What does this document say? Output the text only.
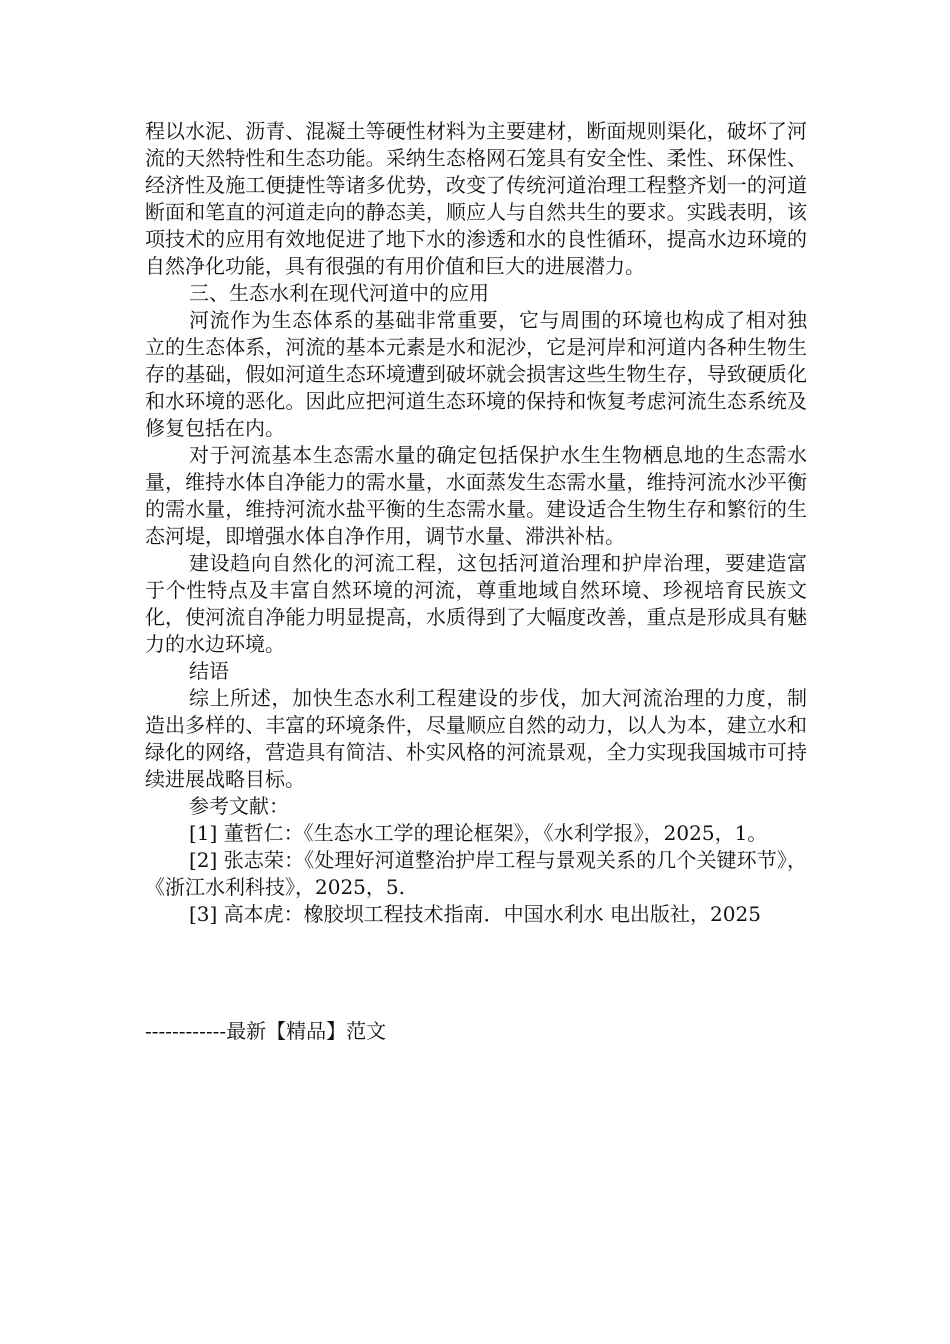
程以水泥、沥青、混凝土等硬性材料为主要建材，断面规则渠化，破坏了河流的天然特性和生态功能。采纳生态格网石笼具有安全性、柔性、环保性、经济性及施工便捷性等诸多优势，改变了传统河道治理工程整齐划一的河道断面和笔直的河道走向的静态美，顺应人与自然共生的要求。实践表明，该项技术的应用有效地促进了地下水的渗透和水的良性循环，提高水边环境的自然净化功能，具有很强的有用价值和巨大的进展潜力。

三、生态水利在现代河道中的应用

河流作为生态体系的基础非常重要，它与周围的环境也构成了相对独立的生态体系，河流的基本元素是水和泥沙，它是河岸和河道内各种生物生存的基础，假如河道生态环境遭到破坏就会损害这些生物生存，导致硬质化和水环境的恶化。因此应把河道生态环境的保持和恢复考虑河流生态系统及修复包括在内。

对于河流基本生态需水量的确定包括保护水生生物栖息地的生态需水量，维持水体自净能力的需水量，水面蒸发生态需水量，维持河流水沙平衡的需水量，维持河流水盐平衡的生态需水量。建设适合生物生存和繁衍的生态河堤，即增强水体自净作用，调节水量、滞洪补枯。

建设趋向自然化的河流工程，这包括河道治理和护岸治理，要建造富于个性特点及丰富自然环境的河流，尊重地域自然环境、珍视培育民族文化，使河流自净能力明显提高，水质得到了大幅度改善，重点是形成具有魅力的水边环境。

结语

综上所述，加快生态水利工程建设的步伐，加大河流治理的力度，制造出多样的、丰富的环境条件，尽量顺应自然的动力，以人为本，建立水和绿化的网络，营造具有简洁、朴实风格的河流景观，全力实现我国城市可持续进展战略目标。

参考文献：

[1] 董哲仁：《生态水工学的理论框架》，《水利学报》，2025，1。

[2] 张志荣：《处理好河道整治护岸工程与景观关系的几个关键环节》，《浙江水利科技》，2025，5.

[3] 高本虎：橡胶坝工程技术指南．中国水利水 电出版社，2025

------------最新【精品】范文
